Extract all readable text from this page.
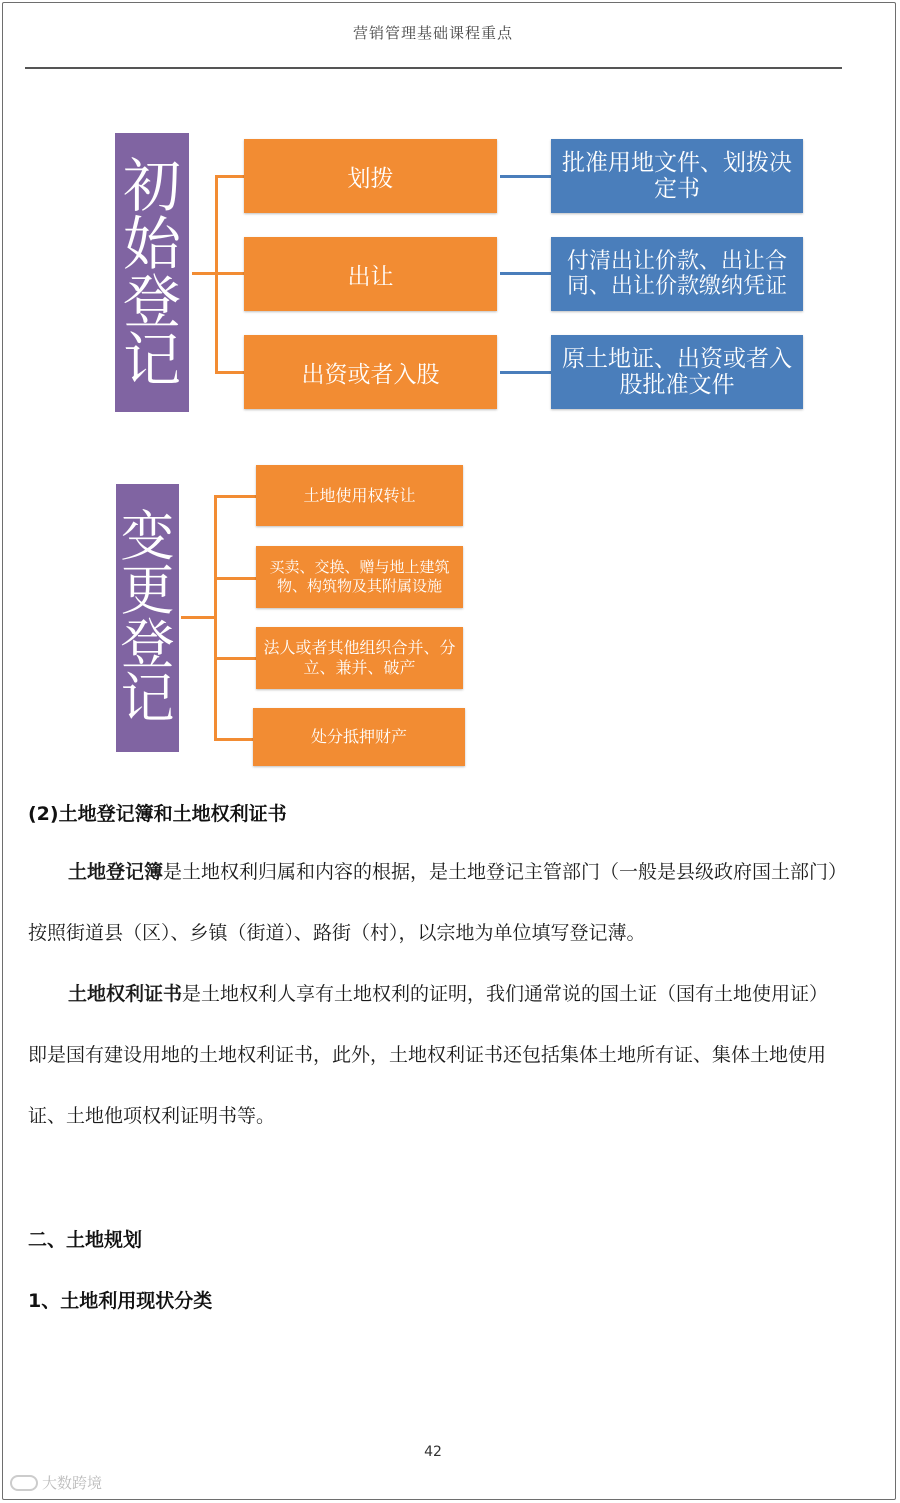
营销管理基础课程重点
初
始
登
记
划拨
出让
出资或者入股
批准用地文件、划拨决定书
付清出让价款、出让合同、出让价款缴纳凭证
原土地证、出资或者入股批准文件
变
更
登
记
土地使用权转让
买卖、交换、赠与地上建筑物、构筑物及其附属设施
法人或者其他组织合并、分立、兼并、破产
处分抵押财产
(2)土地登记簿和土地权利证书
土地登记簿是土地权利归属和内容的根据，是土地登记主管部门（一般是县级政府国土部门）按照街道县（区）、乡镇（街道）、路街（村），以宗地为单位填写登记薄。
土地权利证书是土地权利人享有土地权利的证明，我们通常说的国土证（国有土地使用证）即是国有建设用地的土地权利证书，此外，土地权利证书还包括集体土地所有证、集体土地使用证、土地他项权利证明书等。
二、土地规划
1、土地利用现状分类
42
大数跨境
